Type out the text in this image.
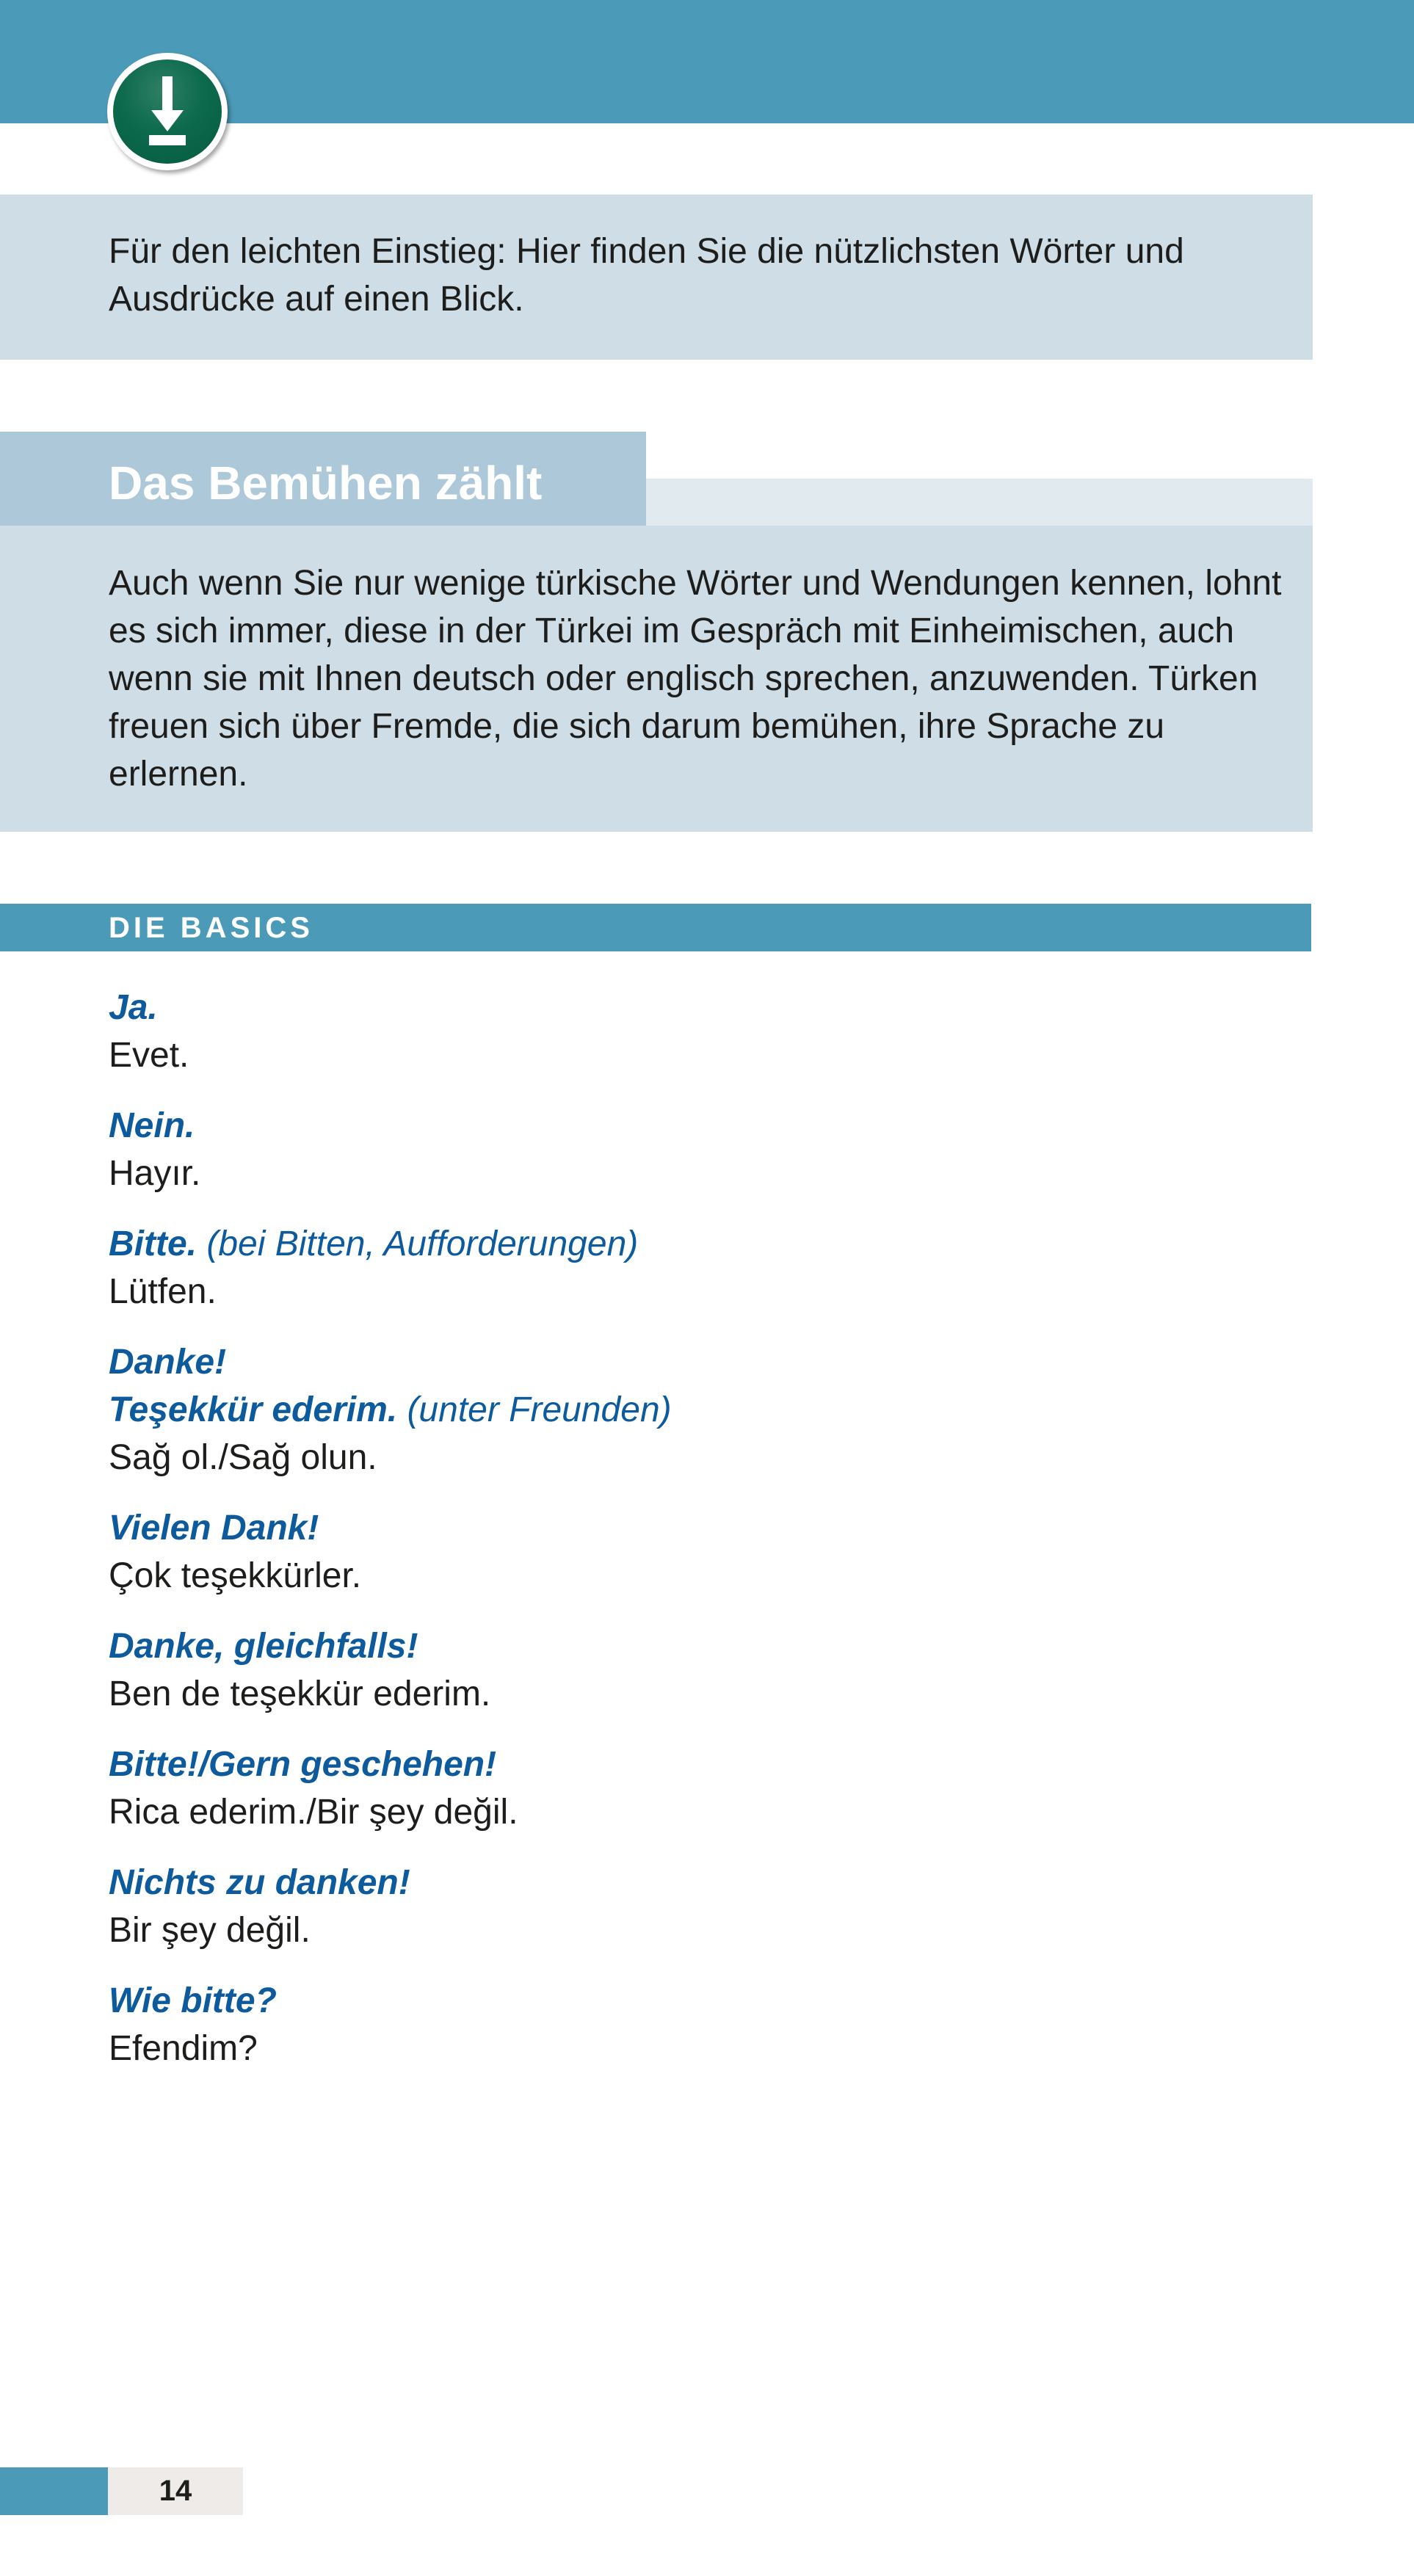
Für den leichten Einstieg: Hier finden Sie die nützlichsten Wörter und Ausdrücke auf einen Blick.
Das Bemühen zählt
Auch wenn Sie nur wenige türkische Wörter und Wendungen kennen, lohnt es sich immer, diese in der Türkei im Gespräch mit Einheimischen, auch wenn sie mit Ihnen deutsch oder englisch sprechen, anzuwenden. Türken freuen sich über Fremde, die sich darum bemühen, ihre Sprache zu erlernen.
DIE BASICS
Ja.
Evet.
Nein.
Hayır.
Bitte. (bei Bitten, Aufforderungen)
Lütfen.
Danke!
Teşekkür ederim. (unter Freunden)
Sağ ol./Sağ olun.
Vielen Dank!
Çok teşekkürler.
Danke, gleichfalls!
Ben de teşekkür ederim.
Bitte!/Gern geschehen!
Rica ederim./Bir şey değil.
Nichts zu danken!
Bir şey değil.
Wie bitte?
Efendim?
14
